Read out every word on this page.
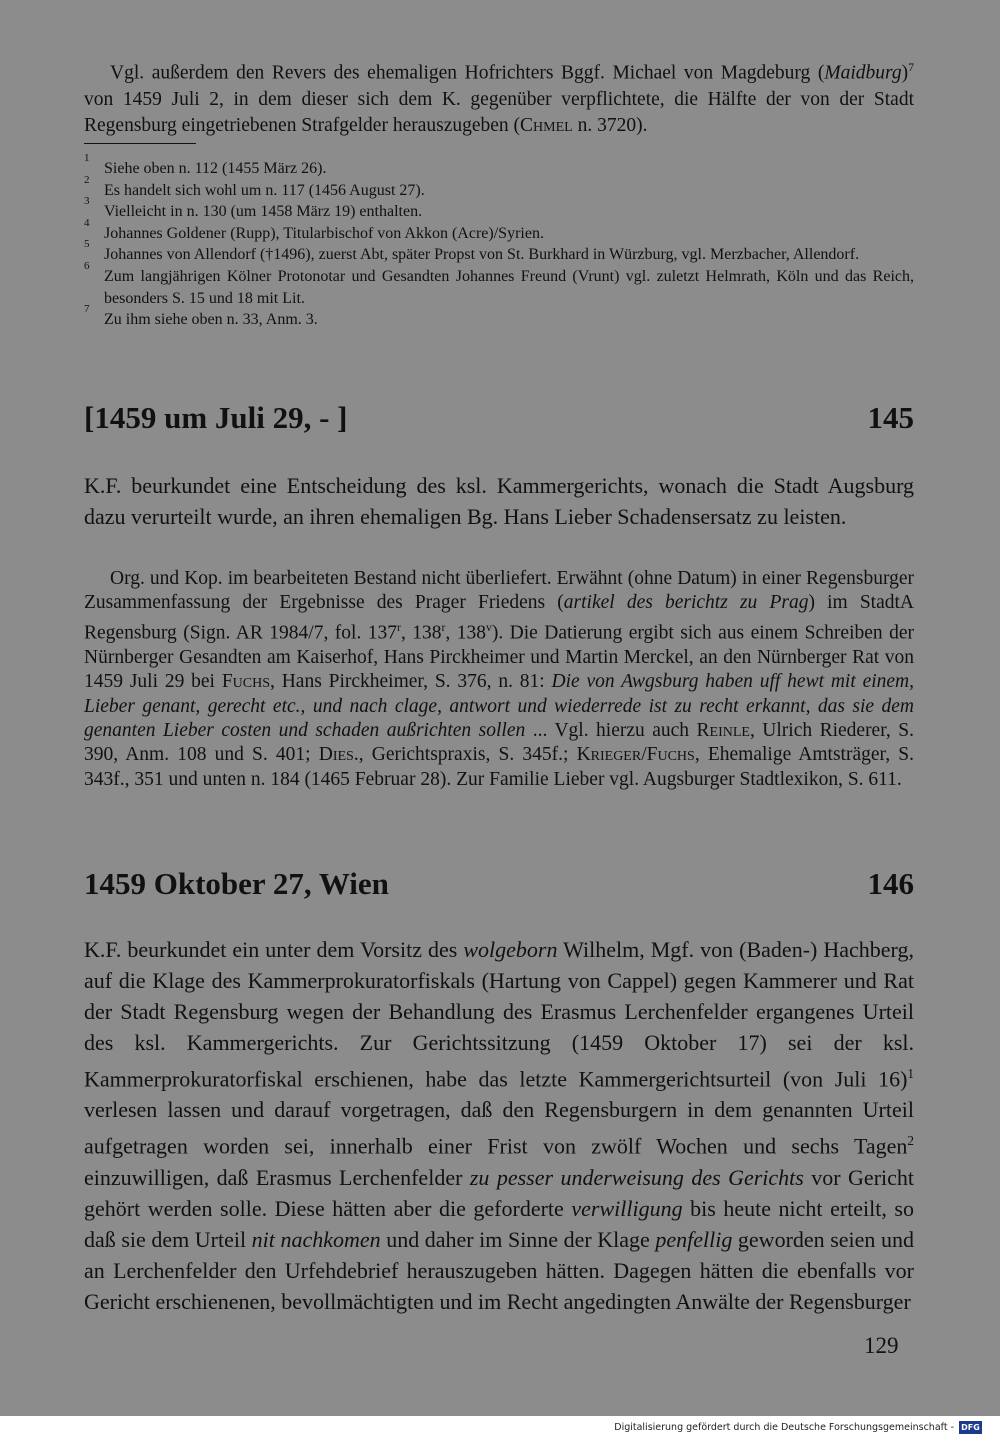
Vgl. außerdem den Revers des ehemaligen Hofrichters Bggf. Michael von Magdeburg (Maidburg)$^7$ von 1459 Juli 2, in dem dieser sich dem K. gegenüber verpflichtete, die Hälfte der von der Stadt Regensburg eingetriebenen Strafgelder herauszugeben (Chmel n. 3720).

1
Siehe oben n. 112 (1455 März 26).
2
Es handelt sich wohl um n. 117 (1456 August 27).
3
Vielleicht in n. 130 (um 1458 März 19) enthalten.
4
Johannes Goldener (Rupp), Titularbischof von Akkon (Acre)/Syrien.
5
Johannes von Allendorf (†1496), zuerst Abt, später Propst von St. Burkhard in Würzburg, vgl. Merzbacher, Allendorf.
6
Zum langjährigen Kölner Protonotar und Gesandten Johannes Freund (Vrunt) vgl. zuletzt Helmrath, Köln und das Reich, besonders S. 15 und 18 mit Lit.
7
Zu ihm siehe oben n. 33, Anm. 3.
[1459 um Juli 29, - ]	145

K.F. beurkundet eine Entscheidung des ksl. Kammergerichts, wonach die Stadt Augsburg dazu verurteilt wurde, an ihren ehemaligen Bg. Hans Lieber Schadensersatz zu leisten.

Org. und Kop. im bearbeiteten Bestand nicht überliefert. Erwähnt (ohne Datum) in einer Regensburger Zusammenfassung der Ergebnisse des Prager Friedens (artikel des berichtz zu Prag) im StadtA Regensburg (Sign. AR 1984/7, fol. 137$^r$, 138$^r$, 138$^v$). Die Datierung ergibt sich aus einem Schreiben der Nürnberger Gesandten am Kaiserhof, Hans Pirckheimer und Martin Merckel, an den Nürnberger Rat von 1459 Juli 29 bei Fuchs, Hans Pirckheimer, S. 376, n. 81: Die von Awgsburg haben uff hewt mit einem, Lieber genant, gerecht etc., und nach clage, antwort und wiederrede ist zu recht erkannt, das sie dem genanten Lieber costen und schaden außrichten sollen ... Vgl. hierzu auch Reinle, Ulrich Riederer, S. 390, Anm. 108 und S. 401; Dies., Gerichtspraxis, S. 345f.; Krieger/Fuchs, Ehemalige Amtsträger, S. 343f., 351 und unten n. 184 (1465 Februar 28). Zur Familie Lieber vgl. Augsburger Stadtlexikon, S. 611.

1459 Oktober 27, Wien	146

K.F. beurkundet ein unter dem Vorsitz des wolgeborn Wilhelm, Mgf. von (Baden-) Hachberg, auf die Klage des Kammerprokuratorfiskals (Hartung von Cappel) gegen Kammerer und Rat der Stadt Regensburg wegen der Behandlung des Erasmus Lerchenfelder ergangenes Urteil des ksl. Kammergerichts. Zur Gerichtssitzung (1459 Oktober 17) sei der ksl. Kammerprokuratorfiskal erschienen, habe das letzte Kammergerichtsurteil (von Juli 16)$^1$ verlesen lassen und darauf vorgetragen, daß den Regensburgern in dem genannten Urteil aufgetragen worden sei, innerhalb einer Frist von zwölf Wochen und sechs Tagen$^2$ einzuwilligen, daß Erasmus Lerchenfelder zu pesser underweisung des Gerichts vor Gericht gehört werden solle. Diese hätten aber die geforderte verwilligung bis heute nicht erteilt, so daß sie dem Urteil nit nachkomen und daher im Sinne der Klage penfellig geworden seien und an Lerchenfelder den Urfehdebrief herauszugeben hätten. Dagegen hätten die ebenfalls vor Gericht erschienenen, bevollmächtigten und im Recht angedingten Anwälte der Regensburger

129
Digitalisierung gefördert durch die Deutsche Forschungsgemeinschaft - DFG
